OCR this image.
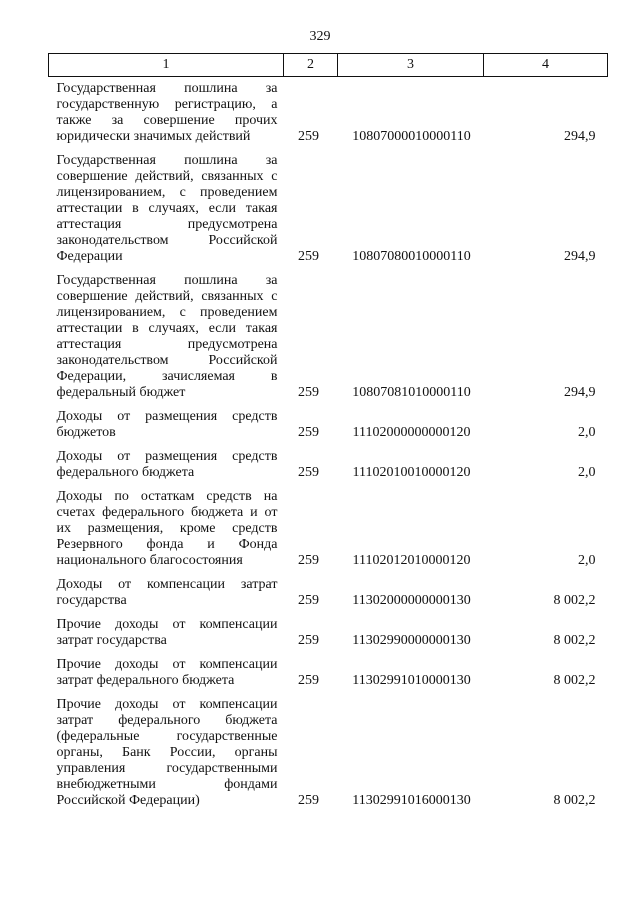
329
1	2	3	4
Государственная пошлина за государственную регистрацию, а также за совершение прочих юридически значимых действий	259	10807000010000110	294,9
Государственная пошлина за совершение действий, связанных с лицензированием, с проведением аттестации в случаях, если такая аттестация предусмотрена законодательством Российской Федерации	259	10807080010000110	294,9
Государственная пошлина за совершение действий, связанных с лицензированием, с проведением аттестации в случаях, если такая аттестация предусмотрена законодательством Российской Федерации, зачисляемая в федеральный бюджет	259	10807081010000110	294,9
Доходы от размещения средств бюджетов	259	11102000000000120	2,0
Доходы от размещения средств федерального бюджета	259	11102010010000120	2,0
Доходы по остаткам средств на счетах федерального бюджета и от их размещения, кроме средств Резервного фонда и Фонда национального благосостояния	259	11102012010000120	2,0
Доходы от компенсации затрат государства	259	11302000000000130	8 002,2
Прочие доходы от компенсации затрат государства	259	11302990000000130	8 002,2
Прочие доходы от компенсации затрат федерального бюджета	259	11302991010000130	8 002,2
Прочие доходы от компенсации затрат федерального бюджета (федеральные государственные органы, Банк России, органы управления государственными внебюджетными фондами Российской Федерации)	259	11302991016000130	8 002,2
